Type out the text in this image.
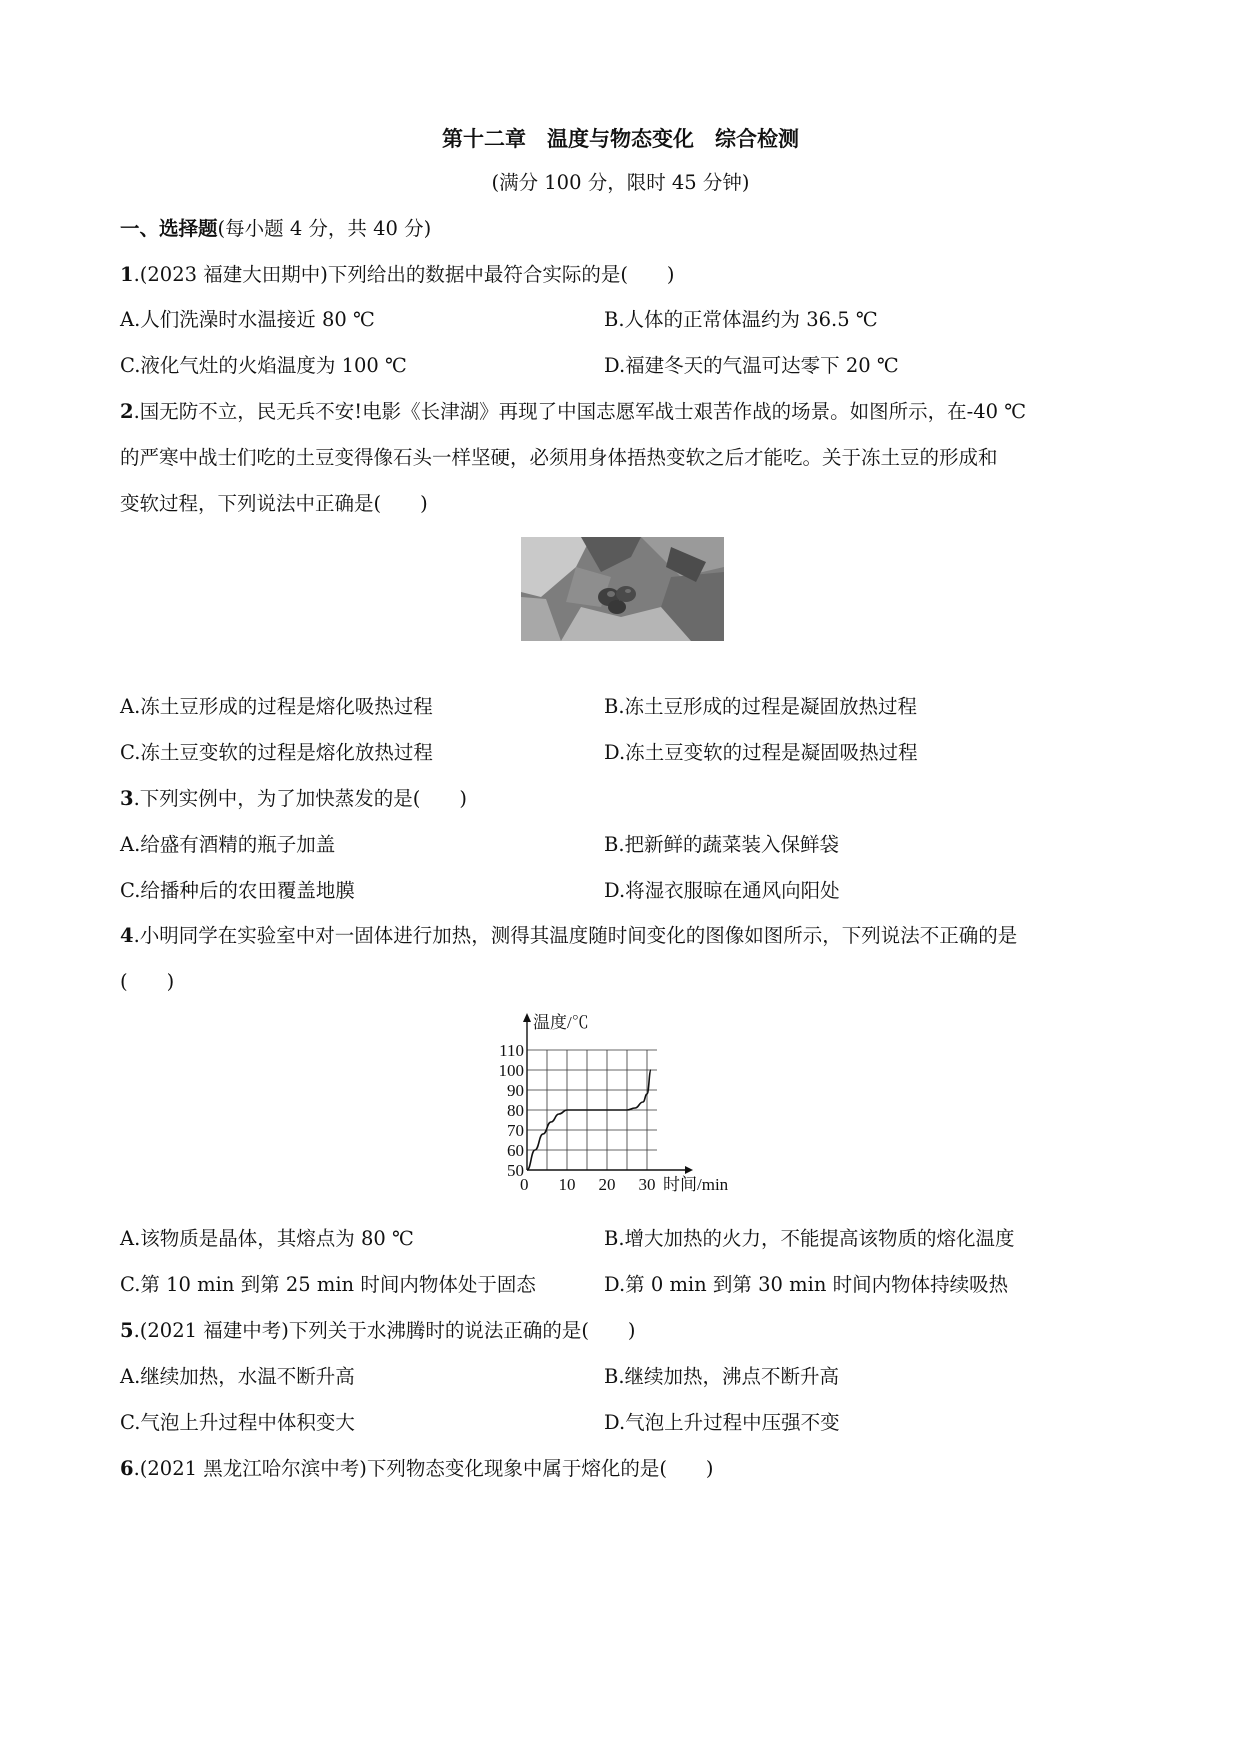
第十二章　温度与物态变化　综合检测
(满分 100 分，限时 45 分钟)
一、选择题(每小题 4 分，共 40 分)
1.(2023 福建大田期中)下列给出的数据中最符合实际的是(　　)
A.人们洗澡时水温接近 80 ℃	B.人体的正常体温约为 36.5 ℃
C.液化气灶的火焰温度为 100 ℃	D.福建冬天的气温可达零下 20 ℃
2.国无防不立，民无兵不安!电影《长津湖》再现了中国志愿军战士艰苦作战的场景。如图所示，在-40 ℃
的严寒中战士们吃的土豆变得像石头一样坚硬，必须用身体捂热变软之后才能吃。关于冻土豆的形成和
变软过程，下列说法中正确是(　　)
A.冻土豆形成的过程是熔化吸热过程	B.冻土豆形成的过程是凝固放热过程
C.冻土豆变软的过程是熔化放热过程	D.冻土豆变软的过程是凝固吸热过程
3.下列实例中，为了加快蒸发的是(　　)
A.给盛有酒精的瓶子加盖	B.把新鲜的蔬菜装入保鲜袋
C.给播种后的农田覆盖地膜	D.将湿衣服晾在通风向阳处
4.小明同学在实验室中对一固体进行加热，测得其温度随时间变化的图像如图所示，下列说法不正确的是
(　　)
50
60
70
80
90
100
110
0 10 20 30
温度/℃
时间/min
A.该物质是晶体，其熔点为 80 ℃	B.增大加热的火力，不能提高该物质的熔化温度
C.第 10 min 到第 25 min 时间内物体处于固态	D.第 0 min 到第 30 min 时间内物体持续吸热
5.(2021 福建中考)下列关于水沸腾时的说法正确的是(　　)
A.继续加热，水温不断升高	B.继续加热，沸点不断升高
C.气泡上升过程中体积变大	D.气泡上升过程中压强不变
6.(2021 黑龙江哈尔滨中考)下列物态变化现象中属于熔化的是(　　)
